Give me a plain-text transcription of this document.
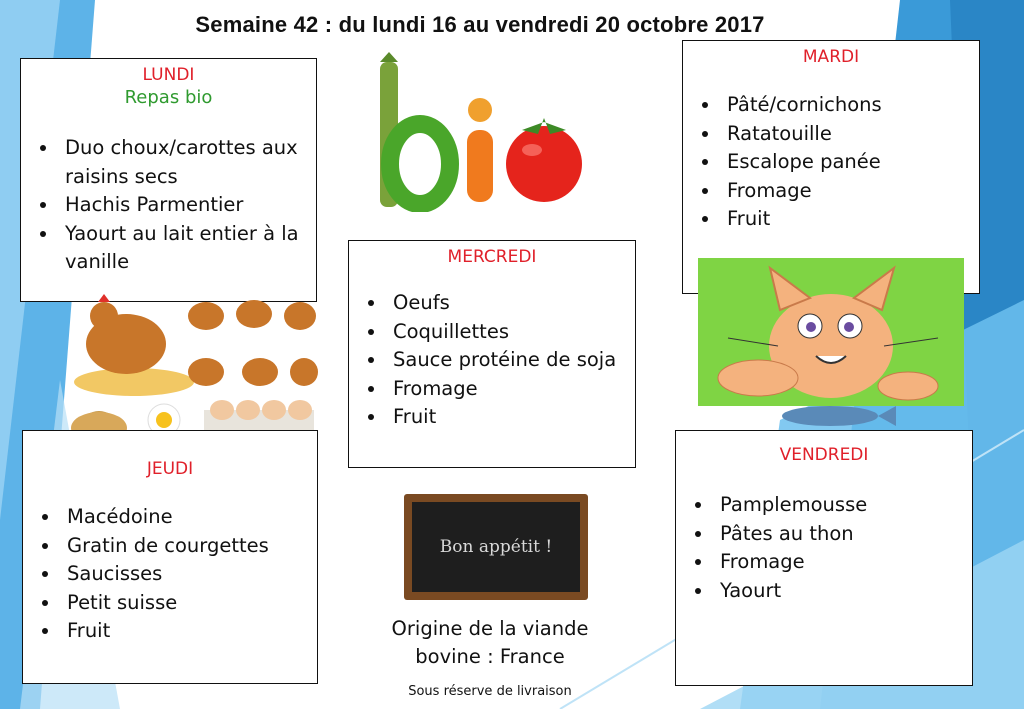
Semaine 42 : du lundi 16 au vendredi 20 octobre 2017
LUNDI
Repas bio
• Duo choux/carottes aux raisins secs
• Hachis Parmentier
• Yaourt au lait entier à la vanille
MARDI
• Pâté/cornichons
• Ratatouille
• Escalope panée
• Fromage
• Fruit
MERCREDI
• Oeufs
• Coquillettes
• Sauce protéine de soja
• Fromage
• Fruit
JEUDI
• Macédoine
• Gratin de courgettes
• Saucisses
• Petit suisse
• Fruit
VENDREDI
• Pamplemousse
• Pâtes au thon
• Fromage
• Yaourt
Bon appétit !
Origine de la viande bovine : France
Sous réserve de livraison
